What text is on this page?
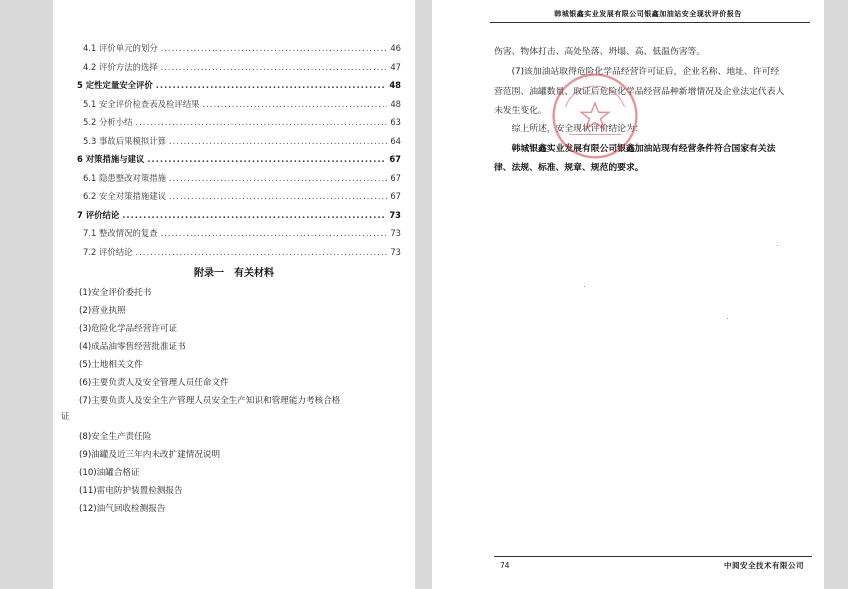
4.1 评价单元的划分 .....	46
4.2 评价方法的选择 .....	47
5 定性定量安全评价 .....	48
5.1 安全评价检查表及检评结果 .....	48
5.2 分析小结 .....	63
5.3 事故后果模拟计算 .....	64
6 对策措施与建议 .....	67
6.1 隐患整改对策措施 .....	67
6.2 安全对策措施建议 .....	67
7 评价结论 .....	73
7.1 整改情况的复查 .....	73
7.2 评价结论 .....	73
附录一　有关材料
(1)安全评价委托书
(2)营业执照
(3)危险化学品经营许可证
(4)成品油零售经营批准证书
(5)土地相关文件
(6)主要负责人及安全管理人员任命文件
(7)主要负责人及安全生产管理人员安全生产知识和管理能力考核合格
证
(8)安全生产责任险
(9)油罐及近三年内未改扩建情况说明
(10)油罐合格证
(11)雷电防护装置检测报告
(12)油气回收检测报告
韩城银鑫实业发展有限公司银鑫加油站安全现状评价报告
伤害、物体打击、高处坠落、坍塌、高、低温伤害等。
　　(7)该加油站取得危险化学品经营许可证后，企业名称、地址、许可经
营范围、油罐数量、取证后危险化学品经营品种新增情况及企业法定代表人
未发生变化。
　　综上所述，安全现状评价结论为：
　　韩城银鑫实业发展有限公司银鑫加油站现有经营条件符合国家有关法
律、法规、标准、规章、规范的要求。
74	中阅安全技术有限公司
